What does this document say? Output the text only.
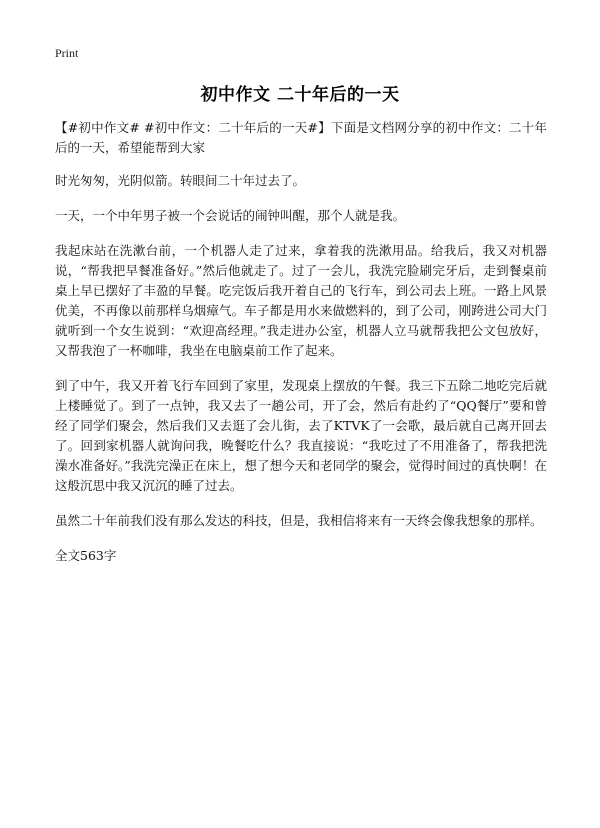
Print
初中作文 二十年后的一天

【#初中作文# #初中作文：二十年后的一天#】下面是文档网分享的初中作文：二十年后的一天，希望能帮到大家

时光匆匆，光阴似箭。转眼间二十年过去了。

一天，一个中年男子被一个会说话的闹钟叫醒，那个人就是我。

我起床站在洗漱台前，一个机器人走了过来，拿着我的洗漱用品。给我后，我又对机器说，“帮我把早餐准备好。”然后他就走了。过了一会儿，我洗完脸刷完牙后，走到餐桌前桌上早已摆好了丰盈的早餐。吃完饭后我开着自己的飞行车，到公司去上班。一路上风景优美，不再像以前那样乌烟瘴气。车子都是用水来做燃料的，到了公司，刚跨进公司大门就听到一个女生说到：“欢迎高经理。”我走进办公室，机器人立马就帮我把公文包放好，又帮我泡了一杯咖啡，我坐在电脑桌前工作了起来。

到了中午，我又开着飞行车回到了家里，发现桌上摆放的午餐。我三下五除二地吃完后就上楼睡觉了。到了一点钟，我又去了一趟公司，开了会，然后有赴约了“QQ餐厅”要和曾经了同学们聚会，然后我们又去逛了会儿街，去了KTVK了一会歌，最后就自己离开回去了。回到家机器人就询问我，晚餐吃什么？我直接说：“我吃过了不用准备了，帮我把洗澡水准备好。”我洗完澡正在床上，想了想今天和老同学的聚会，觉得时间过的真快啊！在这般沉思中我又沉沉的睡了过去。

虽然二十年前我们没有那么发达的科技，但是，我相信将来有一天终会像我想象的那样。

全文563字
